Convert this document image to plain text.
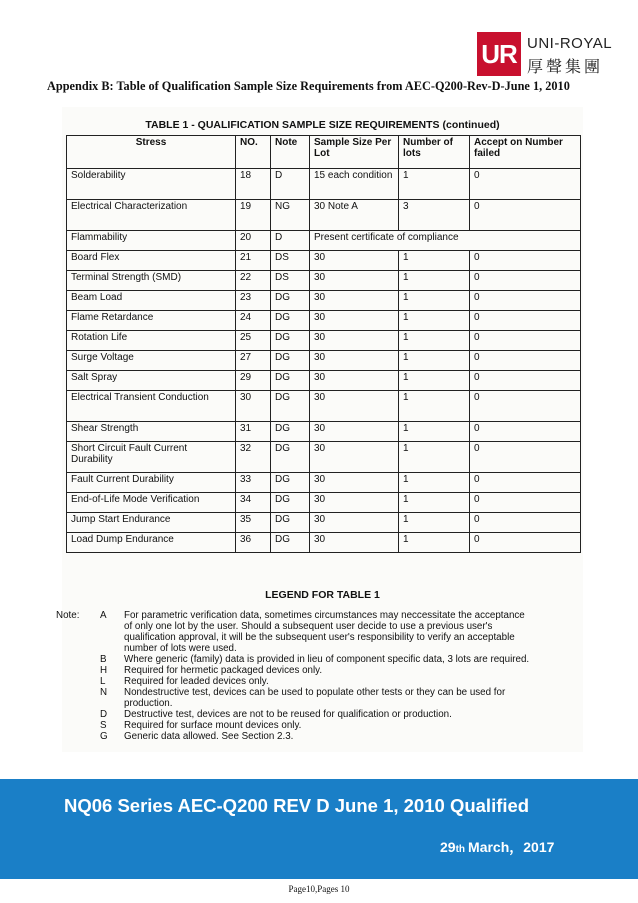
UR UNI-ROYAL
厚聲集團
Appendix B: Table of Qualification Sample Size Requirements from AEC-Q200-Rev-D-June 1, 2010
TABLE 1 - QUALIFICATION SAMPLE SIZE REQUIREMENTS (continued)
Stress	NO.	Note	Sample Size Per Lot	Number of lots	Accept on Number failed
Solderability	18	D	15 each condition	1	0
Electrical Characterization	19	NG	30 Note A	3	0
Flammability	20	D	Present certificate of compliance		
Board Flex	21	DS	30	1	0
Terminal Strength (SMD)	22	DS	30	1	0
Beam Load	23	DG	30	1	0
Flame Retardance	24	DG	30	1	0
Rotation Life	25	DG	30	1	0
Surge Voltage	27	DG	30	1	0
Salt Spray	29	DG	30	1	0
Electrical Transient Conduction	30	DG	30	1	0
Shear Strength	31	DG	30	1	0
Short Circuit Fault Current Durability	32	DG	30	1	0
Fault Current Durability	33	DG	30	1	0
End-of-Life Mode Verification	34	DG	30	1	0
Jump Start Endurance	35	DG	30	1	0
Load Dump Endurance	36	DG	30	1	0
LEGEND FOR TABLE 1
Note: A For parametric verification data, sometimes circumstances may neccessitate the acceptance
of only one lot by the user. Should a subsequent user decide to use a previous user's
qualification approval, it will be the subsequent user's responsibility to verify an acceptable
number of lots were used.
B Where generic (family) data is provided in lieu of component specific data, 3 lots are required.
H Required for hermetic packaged devices only.
L Required for leaded devices only.
N Nondestructive test, devices can be used to populate other tests or they can be used for
production.
D Destructive test, devices are not to be reused for qualification or production.
S Required for surface mount devices only.
G Generic data allowed. See Section 2.3.
NQ06 Series AEC-Q200 REV D June 1, 2010 Qualified
29th March，2017
Page10,Pages 10
